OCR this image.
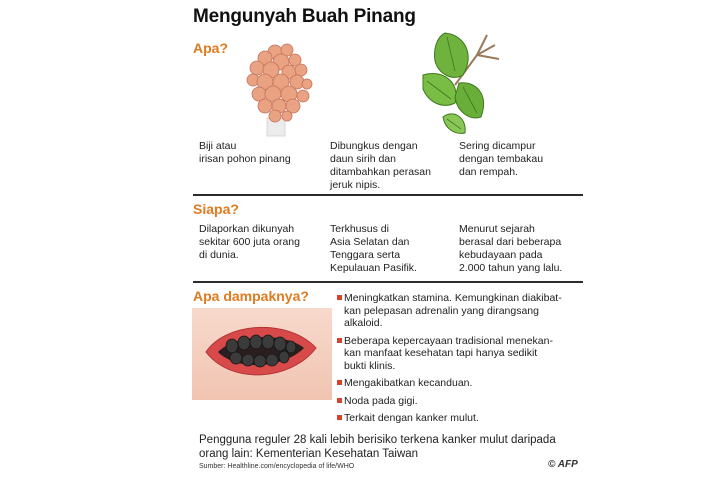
Mengunyah Buah Pinang
Apa?
Biji atau
irisan pohon pinang
Dibungkus dengan
daun sirih dan
ditambahkan perasan
jeruk nipis.
Sering dicampur
dengan tembakau
dan rempah.
Siapa?
Dilaporkan dikunyah
sekitar 600 juta orang
di dunia.
Terkhusus di
Asia Selatan dan
Tenggara serta
Kepulauan Pasifik.
Menurut sejarah
berasal dari beberapa
kebudayaan pada
2.000 tahun yang lalu.
Apa dampaknya?	Meningkatkan stamina. Kemungkinan diakibat-
kan pelepasan adrenalin yang dirangsang
alkaloid.
Beberapa kepercayaan tradisional menekan-
kan manfaat kesehatan tapi hanya sedikit
bukti klinis.
Mengakibatkan kecanduan.
Noda pada gigi.
Terkait dengan kanker mulut.
Pengguna reguler 28 kali lebih berisiko terkena kanker mulut daripada
orang lain: Kementerian Kesehatan Taiwan
Sumber: Healthline.com/encyclopedia of life/WHO	© AFP
